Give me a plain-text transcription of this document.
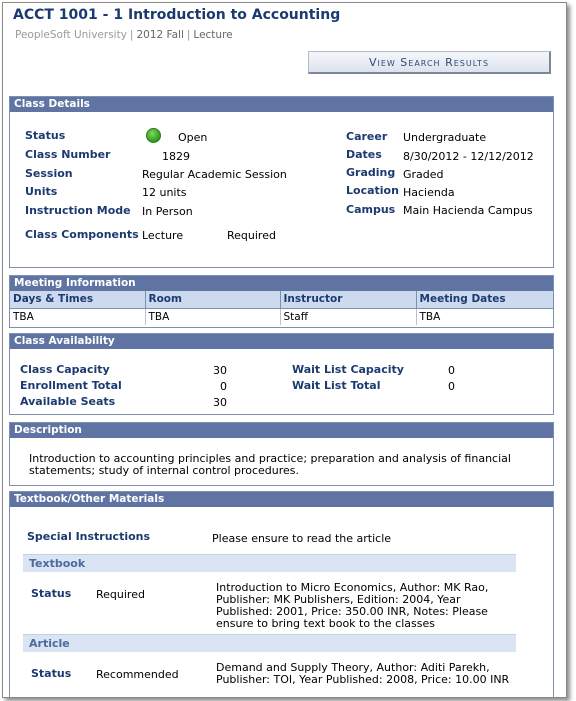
ACCT 1001 - 1 Introduction to Accounting
PeopleSoft University | 2012 Fall | Lecture
View Search Results
Class Details
Status	Open
Class Number	1829
Session	Regular Academic Session
Units	12 units
Instruction Mode In Person
Class Components Lecture	Required
Career Undergraduate
Dates 8/30/2012 - 12/12/2012
Grading Graded
Location Hacienda
Campus Main Hacienda Campus
Meeting Information
Days & Times	Room	Instructor	Meeting Dates
TBA	TBA	Staff	TBA
Class Availability
Class Capacity	30
Enrollment Total	0
Available Seats	30
Wait List Capacity	0
Wait List Total	0
Description
Introduction to accounting principles and practice; preparation and analysis of financial statements; study of internal control procedures.
Textbook/Other Materials
Special Instructions	Please ensure to read the article
Textbook
Status Required
Introduction to Micro Economics, Author: MK Rao, Publisher: MK Publishers, Edition: 2004, Year Published: 2001, Price: 350.00 INR, Notes: Please ensure to bring text book to the classes
Article
Status Recommended
Demand and Supply Theory, Author: Aditi Parekh, Publisher: TOI, Year Published: 2008, Price: 10.00 INR
